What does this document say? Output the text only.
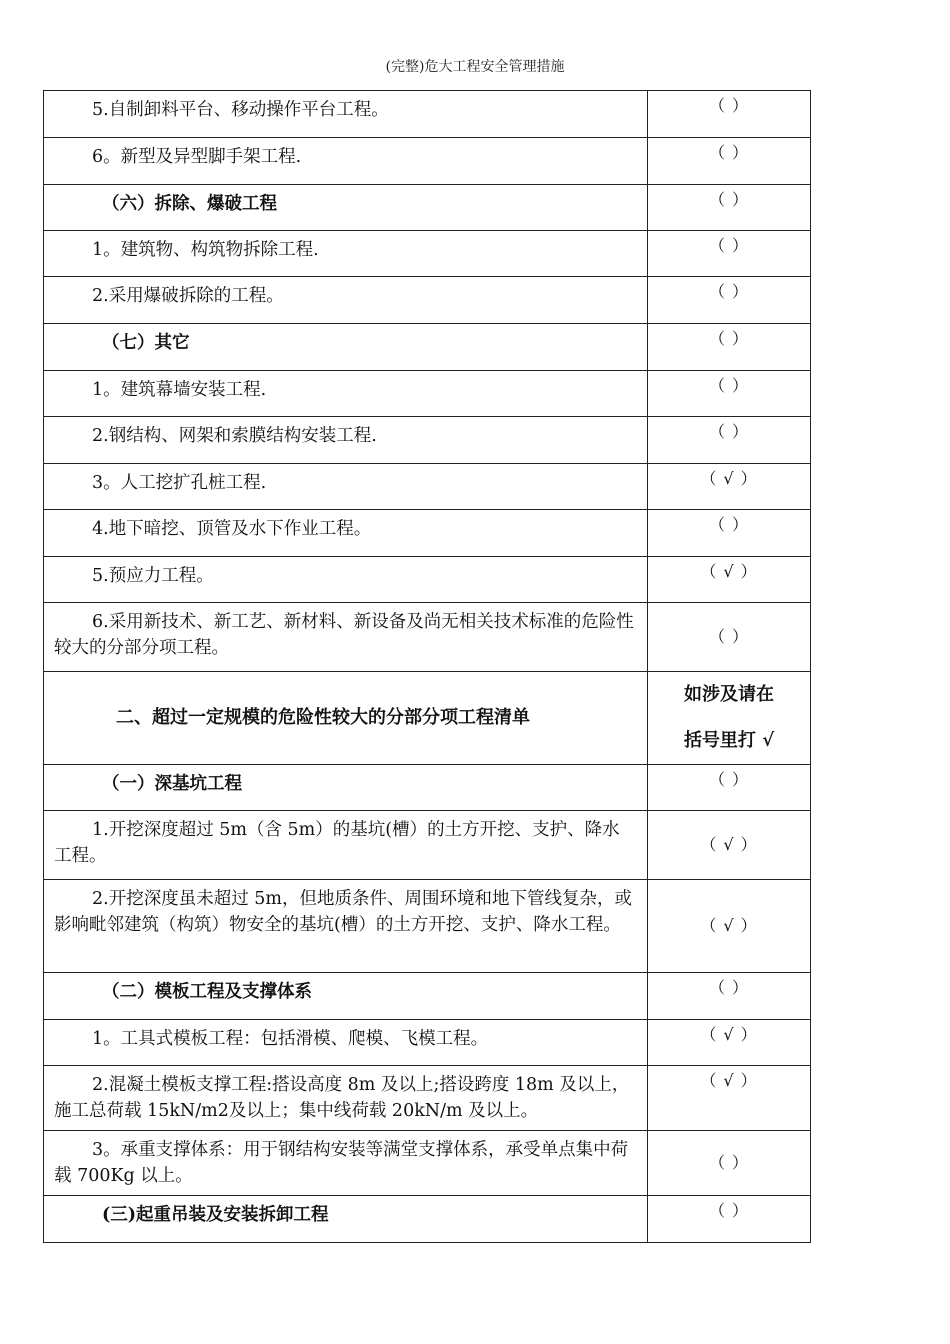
(完整)危大工程安全管理措施
5.自制卸料平台、移动操作平台工程。	（ ）

6。新型及异型脚手架工程.	（ ）

（六）拆除、爆破工程	（ ）

1。建筑物、构筑物拆除工程.	（ ）

2.采用爆破拆除的工程。	（ ）

（七）其它	（ ）

1。建筑幕墙安装工程.	（ ）

2.钢结构、网架和索膜结构安装工程.	（ ）

3。人工挖扩孔桩工程.	（ √ ）

4.地下暗挖、顶管及水下作业工程。	（ ）

5.预应力工程。	（ √ ）

6.采用新技术、新工艺、新材料、新设备及尚无相关技术标准的危险性较大的分部分项工程。	（ ）

二、超过一定规模的危险性较大的分部分项工程清单	如涉及请在
括号里打 √

（一）深基坑工程	（ ）

1.开挖深度超过 5m（含 5m）的基坑(槽）的土方开挖、支护、降水工程。	（ √ ）

2.开挖深度虽未超过 5m，但地质条件、周围环境和地下管线复杂，或影响毗邻建筑（构筑）物安全的基坑(槽）的土方开挖、支护、降水工程。	（ √ ）

（二）模板工程及支撑体系	（ ）

1。工具式模板工程：包括滑模、爬模、飞模工程。	（ √ ）

2.混凝土模板支撑工程:搭设高度 8m 及以上;搭设跨度 18m 及以上，施工总荷载 15kN/m2及以上；集中线荷载 20kN/m 及以上。	（ √ ）

3。承重支撑体系：用于钢结构安装等满堂支撑体系，承受单点集中荷载 700Kg 以上。	（ ）

(三)起重吊装及安装拆卸工程	（ ）
